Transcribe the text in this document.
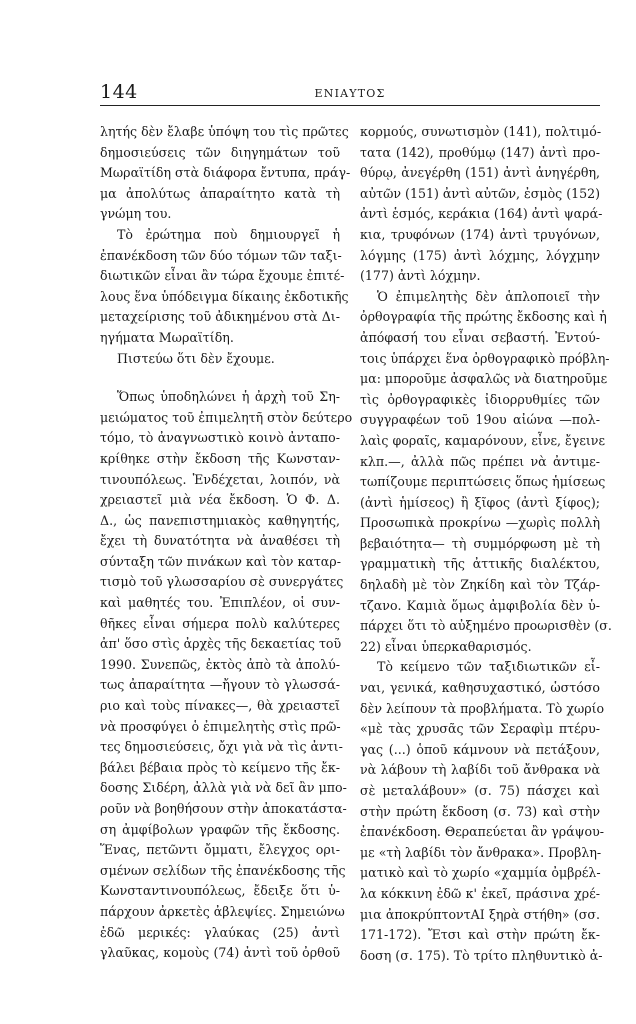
144	ΕΝΙΑΥΤΟΣ
λητής δὲν ἔλαβε ὑπόψη του τὶς πρῶτες
δημοσιεύσεις τῶν διηγημάτων τοῦ
Μωραϊτίδη στὰ διάφορα ἔντυπα, πράγ-
μα ἀπολύτως ἀπαραίτητο κατὰ τὴ
γνώμη του.
Τὸ ἐρώτημα ποὺ δημιουργεῖ ἡ
ἐπανέκδοση τῶν δύο τόμων τῶν ταξι-
διωτικῶν εἶναι ἂν τώρα ἔχουμε ἐπιτέ-
λους ἕνα ὑπόδειγμα δίκαιης ἐκδοτικῆς
μεταχείρισης τοῦ ἀδικημένου στὰ Δι-
ηγήματα Μωραϊτίδη.
Πιστεύω ὅτι δὲν ἔχουμε.
Ὅπως ὑποδηλώνει ἡ ἀρχὴ τοῦ Ση-
μειώματος τοῦ ἐπιμελητῆ στὸν δεύτερο
τόμο, τὸ ἀναγνωστικὸ κοινὸ ἀνταπο-
κρίθηκε στὴν ἔκδοση τῆς Κωνσταν-
τινουπόλεως. Ἐνδέχεται, λοιπόν, νὰ
χρειαστεῖ μιὰ νέα ἔκδοση. Ὁ Φ. Δ.
Δ., ὡς πανεπιστημιακὸς καθηγητής,
ἔχει τὴ δυνατότητα νὰ ἀναθέσει τὴ
σύνταξη τῶν πινάκων καὶ τὸν καταρ-
τισμὸ τοῦ γλωσσαρίου σὲ συνεργάτες
καὶ μαθητές του. Ἐπιπλέον, οἱ συν-
θῆκες εἶναι σήμερα πολὺ καλύτερες
ἀπ' ὅσο στὶς ἀρχὲς τῆς δεκαετίας τοῦ
1990. Συνεπῶς, ἐκτὸς ἀπὸ τὰ ἀπολύ-
τως ἀπαραίτητα —ἤγουν τὸ γλωσσά-
ριο καὶ τοὺς πίνακες—, θὰ χρειαστεῖ
νὰ προσφύγει ὁ ἐπιμελητὴς στὶς πρῶ-
τες δημοσιεύσεις, ὄχι γιὰ νὰ τὶς ἀντι-
βάλει βέβαια πρὸς τὸ κείμενο τῆς ἔκ-
δοσης Σιδέρη, ἀλλὰ γιὰ νὰ δεῖ ἂν μπο-
ροῦν νὰ βοηθήσουν στὴν ἀποκατάστα-
ση ἀμφίβολων γραφῶν τῆς ἔκδοσης.
Ἕνας, πετῶντι ὄμματι, ἔλεγχος ορι-
σμένων σελίδων τῆς ἐπανέκδοσης τῆς
Κωνσταντινουπόλεως, ἔδειξε ὅτι ὑ-
πάρχουν ἀρκετὲς ἀβλεψίες. Σημειώνω
ἐδῶ μερικές: γλαύκας (25) ἀντὶ
γλαῦκας, κομοὺς (74) ἀντὶ τοῦ ὀρθοῦ
κορμούς, συνωτισμὸν (141), πολτιμό-
τατα (142), προθύμῳ (147) ἀντὶ προ-
θύρῳ, ἀνεγέρθη (151) ἀντὶ ἀνηγέρθη,
αὐτῶν (151) ἀντὶ αὐτῶν, ἐσμὸς (152)
ἀντὶ ἑσμός, κεράκια (164) ἀντὶ ψαρά-
κια, τρυφόνων (174) ἀντὶ τρυγόνων,
λόγμης (175) ἀντὶ λόχμης, λόγχμην
(177) ἀντὶ λόχμην.
Ὁ ἐπιμελητὴς δὲν ἁπλοποιεῖ τὴν
ὀρθογραφία τῆς πρώτης ἔκδοσης καὶ ἡ
ἀπόφασή του εἶναι σεβαστή. Ἐντού-
τοις ὑπάρχει ἕνα ὀρθογραφικὸ πρόβλη-
μα: μποροῦμε ἀσφαλῶς νὰ διατηροῦμε
τὶς ὀρθογραφικὲς ἰδιορρυθμίες τῶν
συγγραφέων τοῦ 19ου αἰώνα —πολ-
λαὶς φοραῖς, καμαρόνουν, εἶνε, ἔγεινε
κλπ.—, ἀλλὰ πῶς πρέπει νὰ ἀντιμε-
τωπίζουμε περιπτώσεις ὅπως ἡμίσεως
(ἀντὶ ἡμίσεος) ἢ ξῖφος (ἀντὶ ξίφος);
Προσωπικὰ προκρίνω —χωρὶς πολλὴ
βεβαιότητα— τὴ συμμόρφωση μὲ τὴ
γραμματικὴ τῆς ἀττικῆς διαλέκτου,
δηλαδὴ μὲ τὸν Ζηκίδη καὶ τὸν Τζάρ-
τζανο. Καμιὰ ὅμως ἀμφιβολία δὲν ὑ-
πάρχει ὅτι τὸ αὐξημένο προωρισθὲν (σ.
22) εἶναι ὑπερκαθαρισμός.
Τὸ κείμενο τῶν ταξιδιωτικῶν εἶ-
ναι, γενικά, καθησυχαστικό, ὡστόσο
δὲν λείπουν τὰ προβλήματα. Τὸ χωρίο
«μὲ τὰς χρυσᾶς τῶν Σεραφὶμ πτέρυ-
γας (...) ὁποῦ κάμνουν νὰ πετάξουν,
νὰ λάβουν τὴ λαβίδι τοῦ ἄνθρακα νὰ
σὲ μεταλάβουν» (σ. 75) πάσχει καὶ
στὴν πρώτη ἔκδοση (σ. 73) καὶ στὴν
ἐπανέκδοση. Θεραπεύεται ἂν γράψου-
με «τὴ λαβίδι τὸν ἄνθρακα». Προβλη-
ματικὸ καὶ τὸ χωρίο «χαμμία ὀμβρέλ-
λα κόκκινη ἐδῶ κ' ἐκεῖ, πράσινα χρέ-
μια ἀποκρύπτοντΑΙ ξηρὰ στήθη» (σσ.
171-172). Ἔτσι καὶ στὴν πρώτη ἔκ-
δοση (σ. 175). Τὸ τρίτο πληθυντικὸ ἀ-
